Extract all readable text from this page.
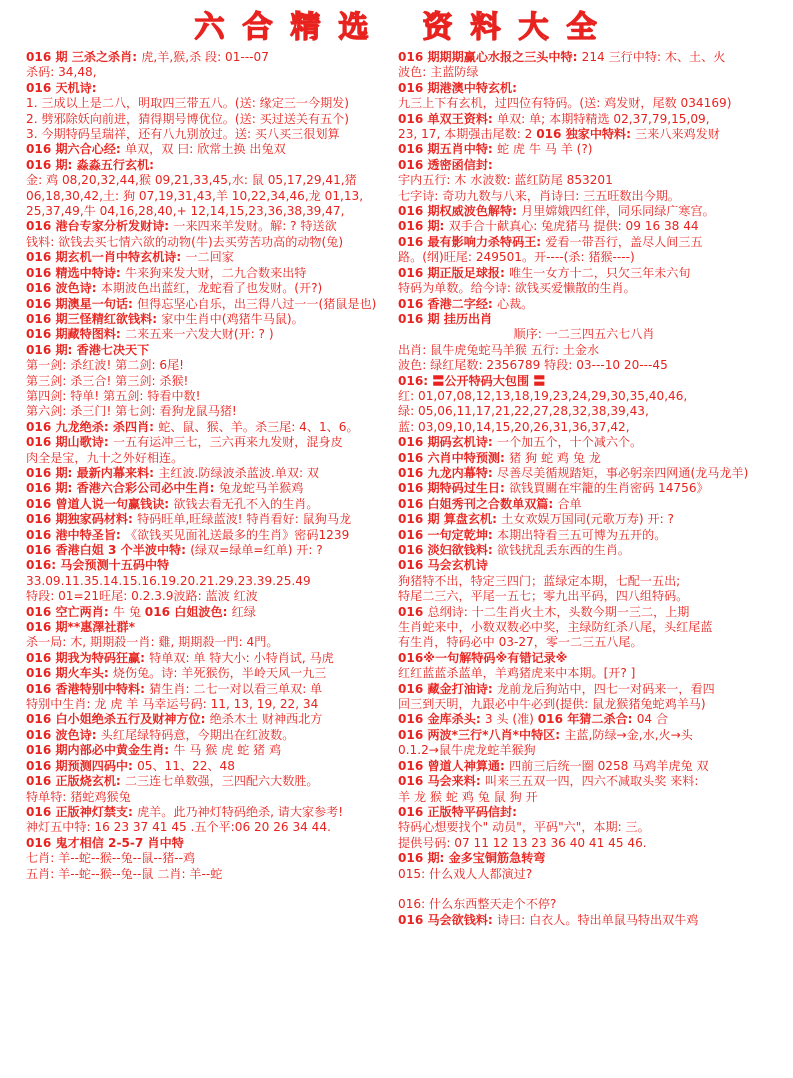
六 合 精 选 资 料 大 全
016 期 三杀之杀肖: 虎,羊,猴,杀 段: 01---07
杀码: 34,48,
016 天机诗:
1. 三成以上是二八，明取四三带五八。(送: 缘定三一今期发)
2. 劈邪除妖向前进，猜得期号博优位。(送: 买过送关有五个)
3. 今期特码呈瑞祥，还有八九别放过。送: 买八买三很划算
016 期六合心经: 单双，双 曰: 欣常土换 出兔双
016 期: 淼淼五行玄机:
金: 鸡 08,20,32,44,猴 09,21,33,45,水: 鼠 05,17,29,41,猪
06,18,30,42,土: 狗 07,19,31,43,羊 10,22,34,46,龙 01,13,
25,37,49,牛 04,16,28,40,+ 12,14,15,23,36,38,39,47,
016 港台专家分析发财诗: 一来四来羊发财。解: ? 特送欲
钱料: 欲钱去买七情六欲的动物(牛)去买劳苦功高的动物(兔)
016 期玄机一肖中特玄机诗: 一二回家
016 精选中特诗: 牛来狗来发大财，二九合数来出特
016 波色诗: 本期波色出蓝红，龙蛇看了也发财。(开?)
016 期澳星一句话: 但得忘坚心自乐，出三得八过一一(猪鼠是也)
016 期三怪精红欲钱料: 家中生肖中(鸡猪牛马鼠)。
016 期藏特图料: 二来五来一六发大财(开: ? )
016 期: 香港七决天下
第一剑: 杀红波! 第二剑: 6尾!
第三剑: 杀三合! 第三剑: 杀猴!
第四剑: 特单! 第五剑: 特看中数!
第六剑: 杀三门! 第七剑: 看狗龙鼠马猪!
016 九龙绝杀: 杀四肖: 蛇、鼠、猴、羊。杀三尾: 4、1、6。
016 期山歌诗: 一五有运冲三七，三六再来九发财，混身皮
肉全是宝，九十之外好相连。
016 期: 最新内幕来料: 主红波.防绿波杀蓝波.单双: 双
016 期: 香港六合彩公司必中生肖: 兔龙蛇马羊猴鸡
016 曾道人说一句赢钱诀: 欲钱去看无孔不入的生肖。
016 期独家码材料: 特码旺单,旺绿蓝波! 特肖看好: 鼠狗马龙
016 港中特圣旨: 《欲钱买见面礼送最多的生肖》密码1239
016 香港白姐 3 个半波中特: (绿双=绿单=红单) 开: ?
016: 马会预测十五码中特
33.09.11.35.14.15.16.19.20.21.29.23.39.25.49
特段: 01=21旺尾: 0.2.3.9波路: 蓝波 红波
016 空亡两肖: 牛 兔 016 白姐波色: 红绿
016 期**惠澤社群*
杀一局: 木, 期期殺一肖: 雞, 期期殺一門: 4門。
016 期我为特码狂赢: 特单双: 单 特大小: 小特肖试, 马虎
016 期火车头: 烧伤兔。诗: 羊死猴伤，半岭天风一九三
016 香港特别中特料: 猜生肖: 二七一对以看三单双: 单
特别中生肖: 龙 虎 羊 马幸运号码: 11, 13, 19, 22, 34
016 白小姐绝杀五行及财神方位: 绝杀木土 财神西北方
016 波色诗: 头红尾绿特码意，今期出在红波数。
016 期内部必中黄金生肖: 牛 马 猴 虎 蛇 猪 鸡
016 期预测四码中: 05、11、22、48
016 正版烧玄机: 二三连七单数强，三四配六大数胜。
特单特: 猪蛇鸡猴兔
016 正版神灯禁支: 虎羊。此乃神灯特码绝杀, 请大家参考!
神灯五中特: 16 23 37 41 45 .五个平:06 20 26 34 44.
016 鬼才相信 2-5-7 肖中特
七肖: 羊--蛇--猴--兔--鼠--猪--鸡
五肖: 羊--蛇--猴--兔--鼠 二肖: 羊--蛇
016 期期期赢心水报之三头中特: 214 三行中特: 木、土、火
波色: 主蓝防绿
016 期港澳中特玄机:
九三上下有玄机，过四位有特码。(送: 鸡发财，尾数 034169)
016 单双王资料: 单双: 单; 本期特精选 02,37,79,15,09,
23, 17, 本期强击尾数: 2 016 独家中特料: 三来八来鸡发财
016 期五肖中特: 蛇 虎 牛 马 羊 (?)
016 透密函信封:
宇内五行: 木 水波数: 蓝红防尾 853201
七字诗: 奇功九数与八来，肖诗曰: 三五旺数出今期。
016 期权威波色解特: 月里嫦娥四红伴，同乐同绿广寒宫。
016 期: 双手合十献真心: 兔虎猪马 提供: 09 16 38 44
016 最有影响力杀特码王: 爱看一带吾行，盖尽人间三五
路。(纲)旺尾: 249501。开----(杀: 猪猴----)
016 期正版足球报: 唯生一女方十二，只欠三年未六旬
特码为单数。给今诗: 欲钱买爱懒散的生肖。
016 香港二字经: 心裁。
016 期 挂历出肖
顺序: 一二三四五六七八肖
出肖: 鼠牛虎兔蛇马羊猴 五行: 土金水
波色: 绿红尾数: 2356789 特段: 03---10 20---45
016: 〓公开特码大包围 〓
红: 01,07,08,12,13,18,19,23,24,29,30,35,40,46,
绿: 05,06,11,17,21,22,27,28,32,38,39,43,
蓝: 03,09,10,14,15,20,26,31,36,37,42,
016 期码玄机诗: 一个加五个，十个减六个。
016 六肖中特预测: 猪 狗 蛇 鸡 兔 龙
016 九龙内幕特: 尽善尽美循规踏矩，事必躬亲四网通(龙马龙羊)
016 期特码过生日: 欲钱買關在牢籠的生肖密码 14756》
016 白姐秀刊之合数单双篇: 合单
016 期 算盘玄机: 土女欢娱万国同(元歌万寿) 开: ?
016 一句定乾坤: 本期出特看三五可博为五开的。
016 淡妇欲钱料: 欲钱扰乱丢东西的生肖。
016 马会玄机诗
狗猪特不出，特定三四门；蓝绿定本期，七配一五出;
特尾二三六，平尾一五七；零九出平码，四八组特码。
016 总纲诗: 十二生肖火土木，头数今期一三二，上期
生肖蛇来中，小数双数必中奖，主绿防红杀八尾，头红尾蓝
有生肖，特码必中 03-27，零一二三五八尾。
016※一句解特码※有错记录※
红红蓝蓝杀蓝单，羊鸡猪虎来中本期。[开? ]
016 藏金打油诗: 龙前龙后狗站中，四七一对码来一，看四
回三到天明，九跟必中牛必到(提供: 鼠龙猴猪兔蛇鸡羊马)
016 金库杀头: 3 头 (准) 016 年猜二杀合: 04 合
016 两波*三行*八肖*中特区: 主蓝,防绿→金,水,火→头
0.1.2→鼠牛虎龙蛇羊猴狗
016 曾道人神算通: 四前三后统一圈 0258 马鸡羊虎兔 双
016 马会来料: 叫来三五双一四，四六不减取头奖 来料:
羊 龙 猴 蛇 鸡 兔 鼠 狗 开
016 正版特平码信封:
特码心想要找个" 动员"，平码"六"，本期: 三。
提供号码: 07 11 12 13 23 36 40 41 45 46.
016 期: 金多宝铜筋急转弯
015: 什么戏人人都演过?

016: 什么东西整天走个不停?
016 马会欲钱料: 诗曰: 白衣人。特出单鼠马特出双牛鸡
